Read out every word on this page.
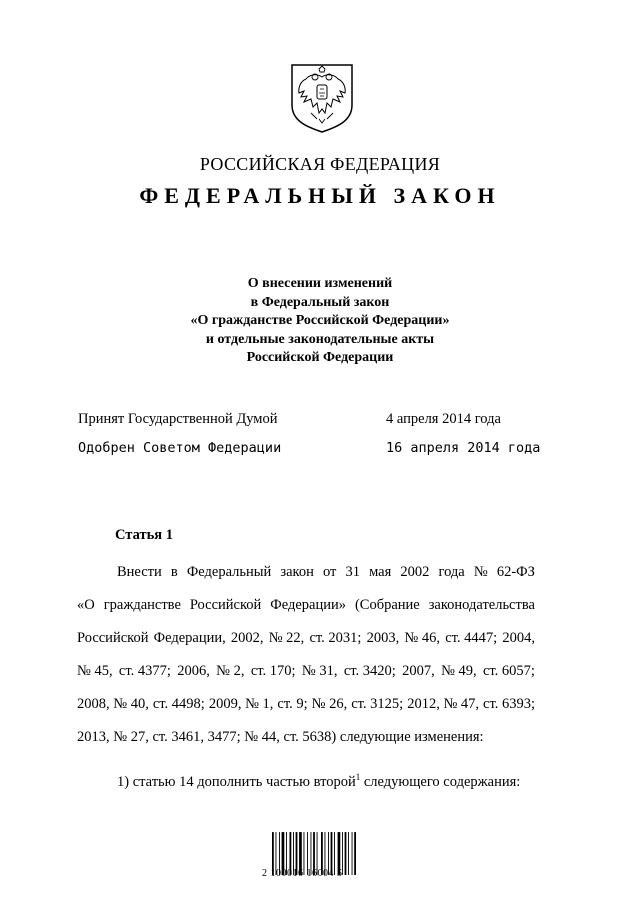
РОССИЙСКАЯ ФЕДЕРАЦИЯ
ФЕДЕРАЛЬНЫЙ ЗАКОН
О внесении изменений
в Федеральный закон
«О гражданстве Российской Федерации»
и отдельные законодательные акты
Российской Федерации
Принят Государственной Думой	4 апреля 2014 года
Одобрен Советом Федерации	16 апреля 2014 года
Статья 1
Внести в Федеральный закон от 31 мая 2002 года № 62-ФЗ
«О гражданстве Российской Федерации» (Собрание законодательства
Российской Федерации, 2002, № 22, ст. 2031; 2003, № 46, ст. 4447; 2004,
№ 45, ст. 4377; 2006, № 2, ст. 170; № 31, ст. 3420; 2007, № 49, ст. 6057;
2008, № 40, ст. 4498; 2009, № 1, ст. 9; № 26, ст. 3125; 2012, № 47, ст. 6393;
2013, № 27, ст. 3461, 3477; № 44, ст. 5638) следующие изменения:
1) статью 14 дополнить частью второй$^1$ следующего содержания:
2 100016 16004 5
